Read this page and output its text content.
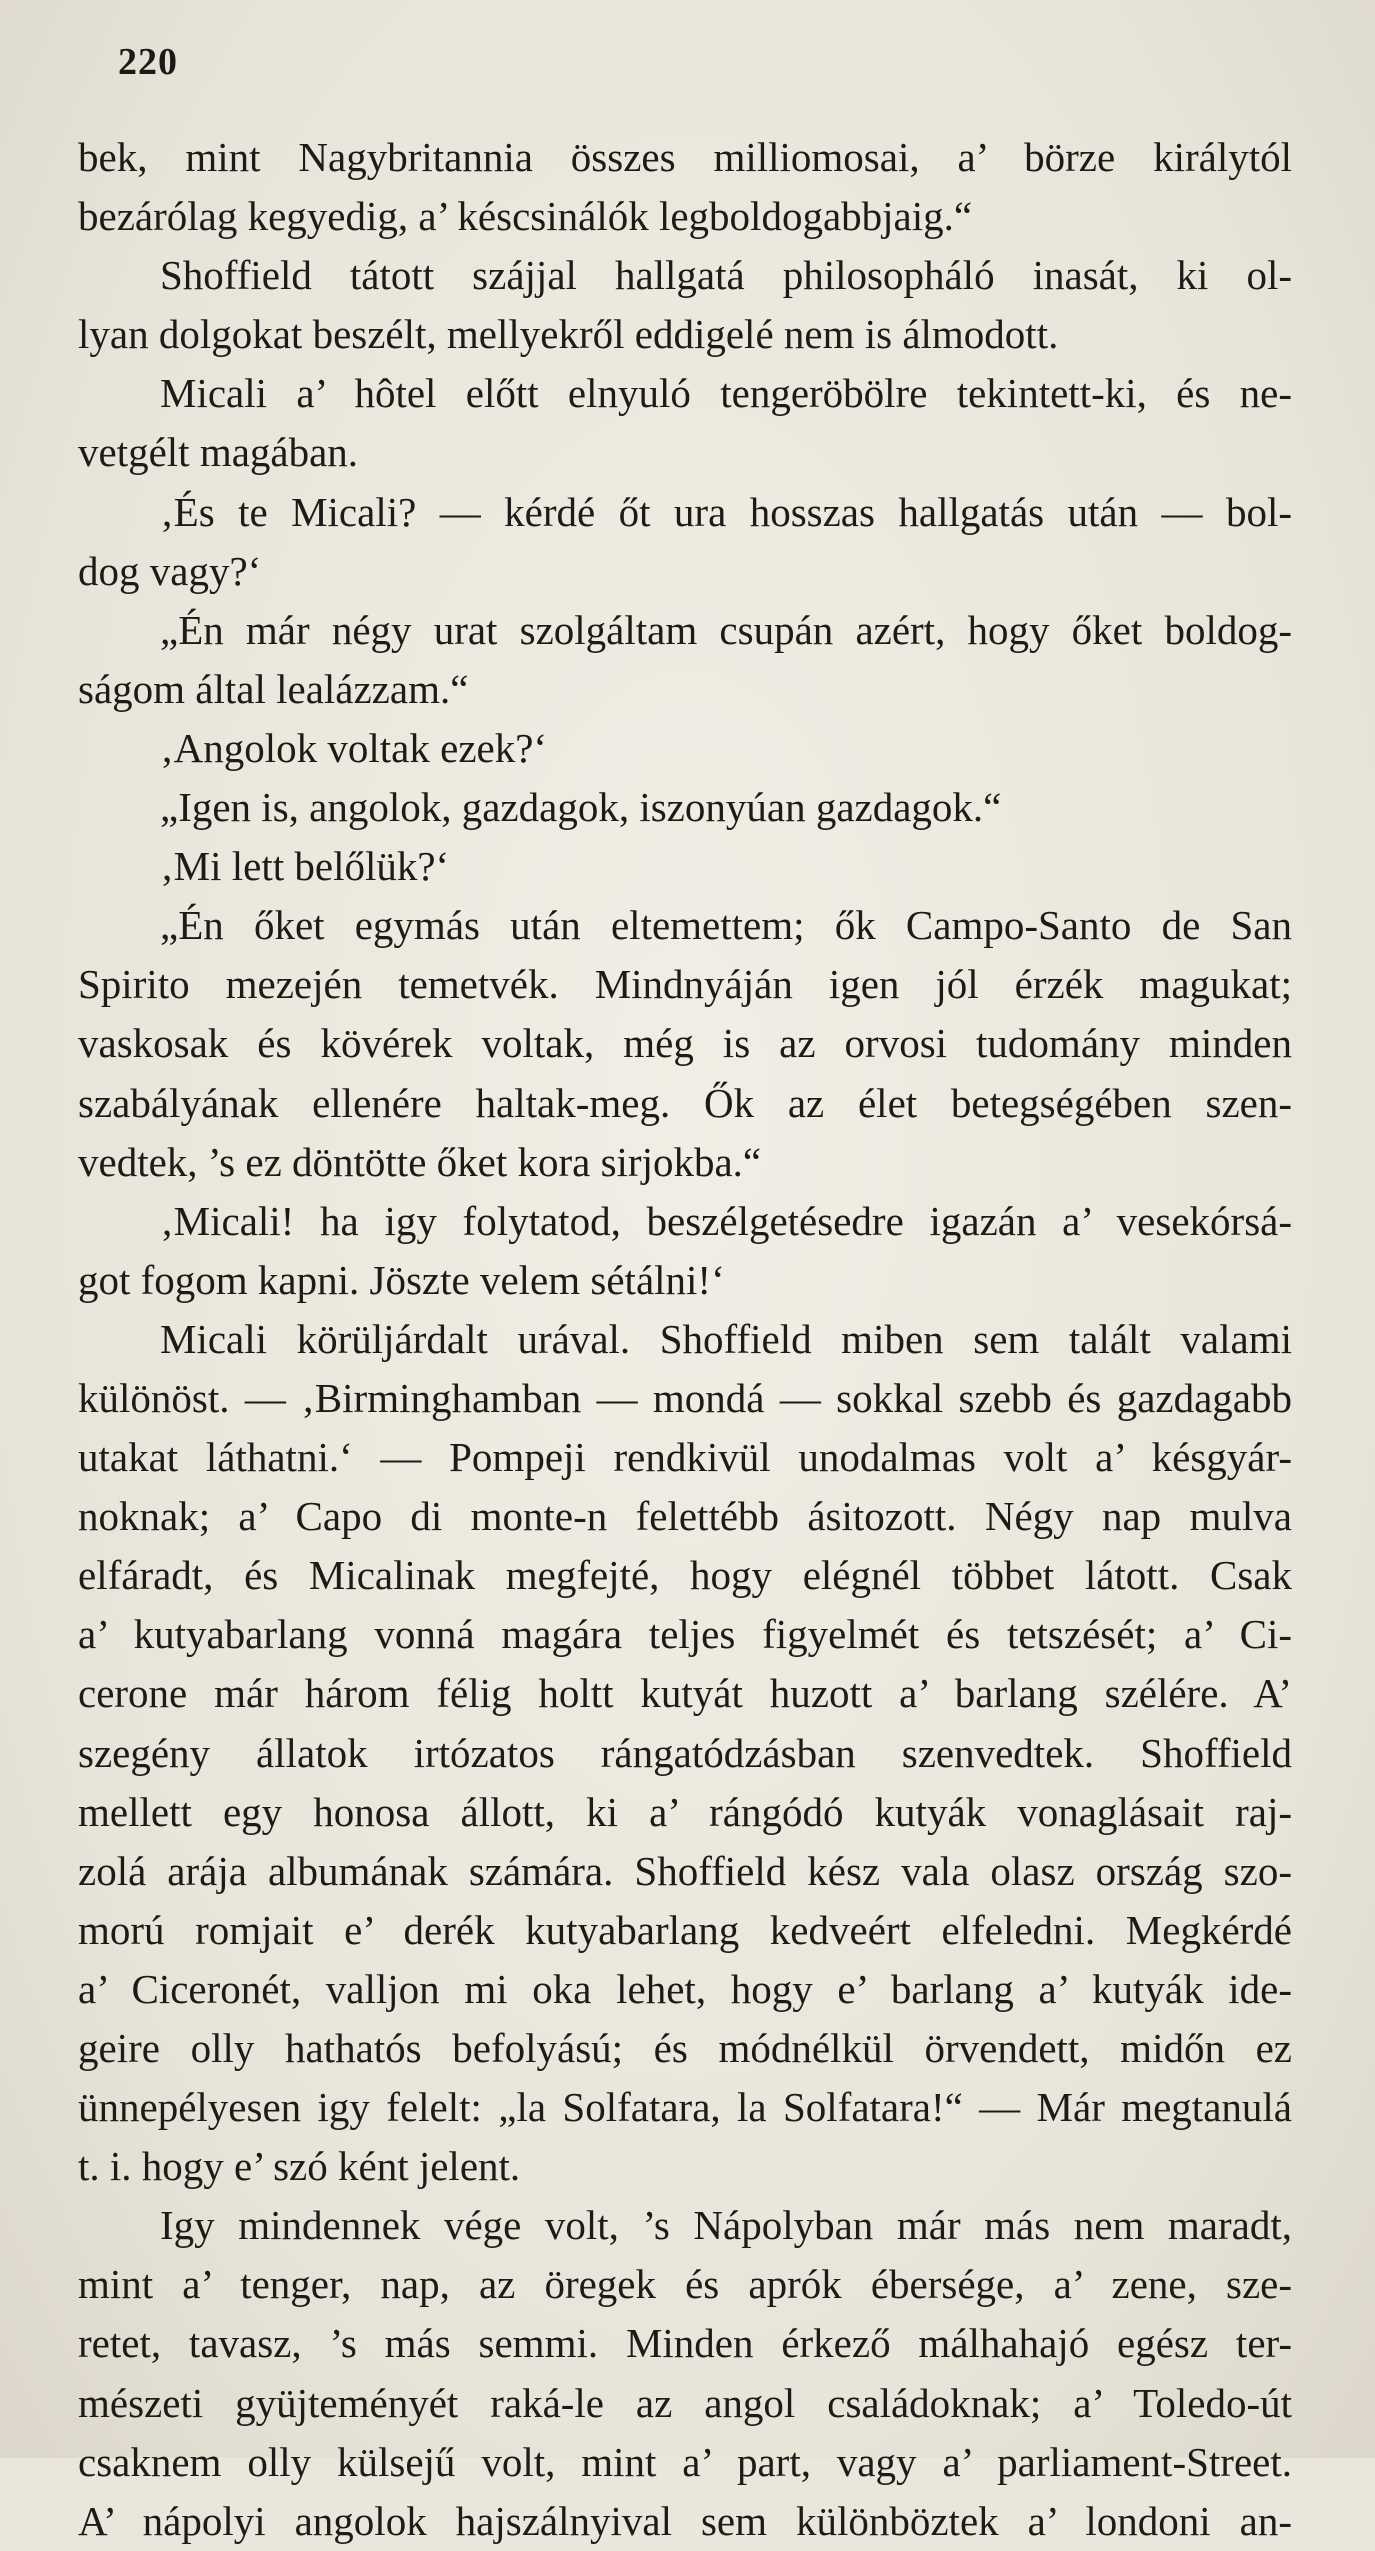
220
bek, mint Nagybritannia összes milliomosai, a’ börze királytól
bezárólag kegyedig, a’ késcsinálók legboldogabbjaig.“
Shoffield tátott szájjal hallgatá philosopháló inasát, ki ol-
lyan dolgokat beszélt, mellyekről eddigelé nem is álmodott.
Micali a’ hôtel előtt elnyuló tengeröbölre tekintett-ki, és ne-
vetgélt magában.
‚És te Micali? — kérdé őt ura hosszas hallgatás után — bol-
dog vagy?‘
„Én már négy urat szolgáltam csupán azért, hogy őket boldog-
ságom által lealázzam.“
‚Angolok voltak ezek?‘
„Igen is, angolok, gazdagok, iszonyúan gazdagok.“
‚Mi lett belőlük?‘
„Én őket egymás után eltemettem; ők Campo-Santo de San
Spirito mezején temetvék. Mindnyáján igen jól érzék magukat;
vaskosak és kövérek voltak, még is az orvosi tudomány minden
szabályának ellenére haltak-meg. Ők az élet betegségében szen-
vedtek, ’s ez döntötte őket kora sirjokba.“
‚Micali! ha igy folytatod, beszélgetésedre igazán a’ vesekórsá-
got fogom kapni. Jöszte velem sétálni!‘
Micali körüljárdalt urával. Shoffield miben sem talált valami
különöst. — ‚Birminghamban — mondá — sokkal szebb és gazdagabb
utakat láthatni.‘ — Pompeji rendkivül unodalmas volt a’ késgyár-
noknak; a’ Capo di monte-n felettébb ásitozott. Négy nap mulva
elfáradt, és Micalinak megfejté, hogy elégnél többet látott. Csak
a’ kutyabarlang vonná magára teljes figyelmét és tetszését; a’ Ci-
cerone már három félig holtt kutyát huzott a’ barlang szélére. A’
szegény állatok irtózatos rángatódzásban szenvedtek. Shoffield
mellett egy honosa állott, ki a’ rángódó kutyák vonaglásait raj-
zolá arája albumának számára. Shoffield kész vala olasz ország szo-
morú romjait e’ derék kutyabarlang kedveért elfeledni. Megkérdé
a’ Ciceronét, valljon mi oka lehet, hogy e’ barlang a’ kutyák ide-
geire olly hathatós befolyású; és módnélkül örvendett, midőn ez
ünnepélyesen igy felelt: „la Solfatara, la Solfatara!“ — Már megtanulá
t. i. hogy e’ szó ként jelent.
Igy mindennek vége volt, ’s Nápolyban már más nem maradt,
mint a’ tenger, nap, az öregek és aprók ébersége, a’ zene, sze-
retet, tavasz, ’s más semmi. Minden érkező málhahajó egész ter-
mészeti gyüjteményét raká-le az angol családoknak; a’ Toledo-út
csaknem olly külsejű volt, mint a’ part, vagy a’ parliament-Street.
A’ nápolyi angolok hajszálnyival sem különböztek a’ londoni an-
